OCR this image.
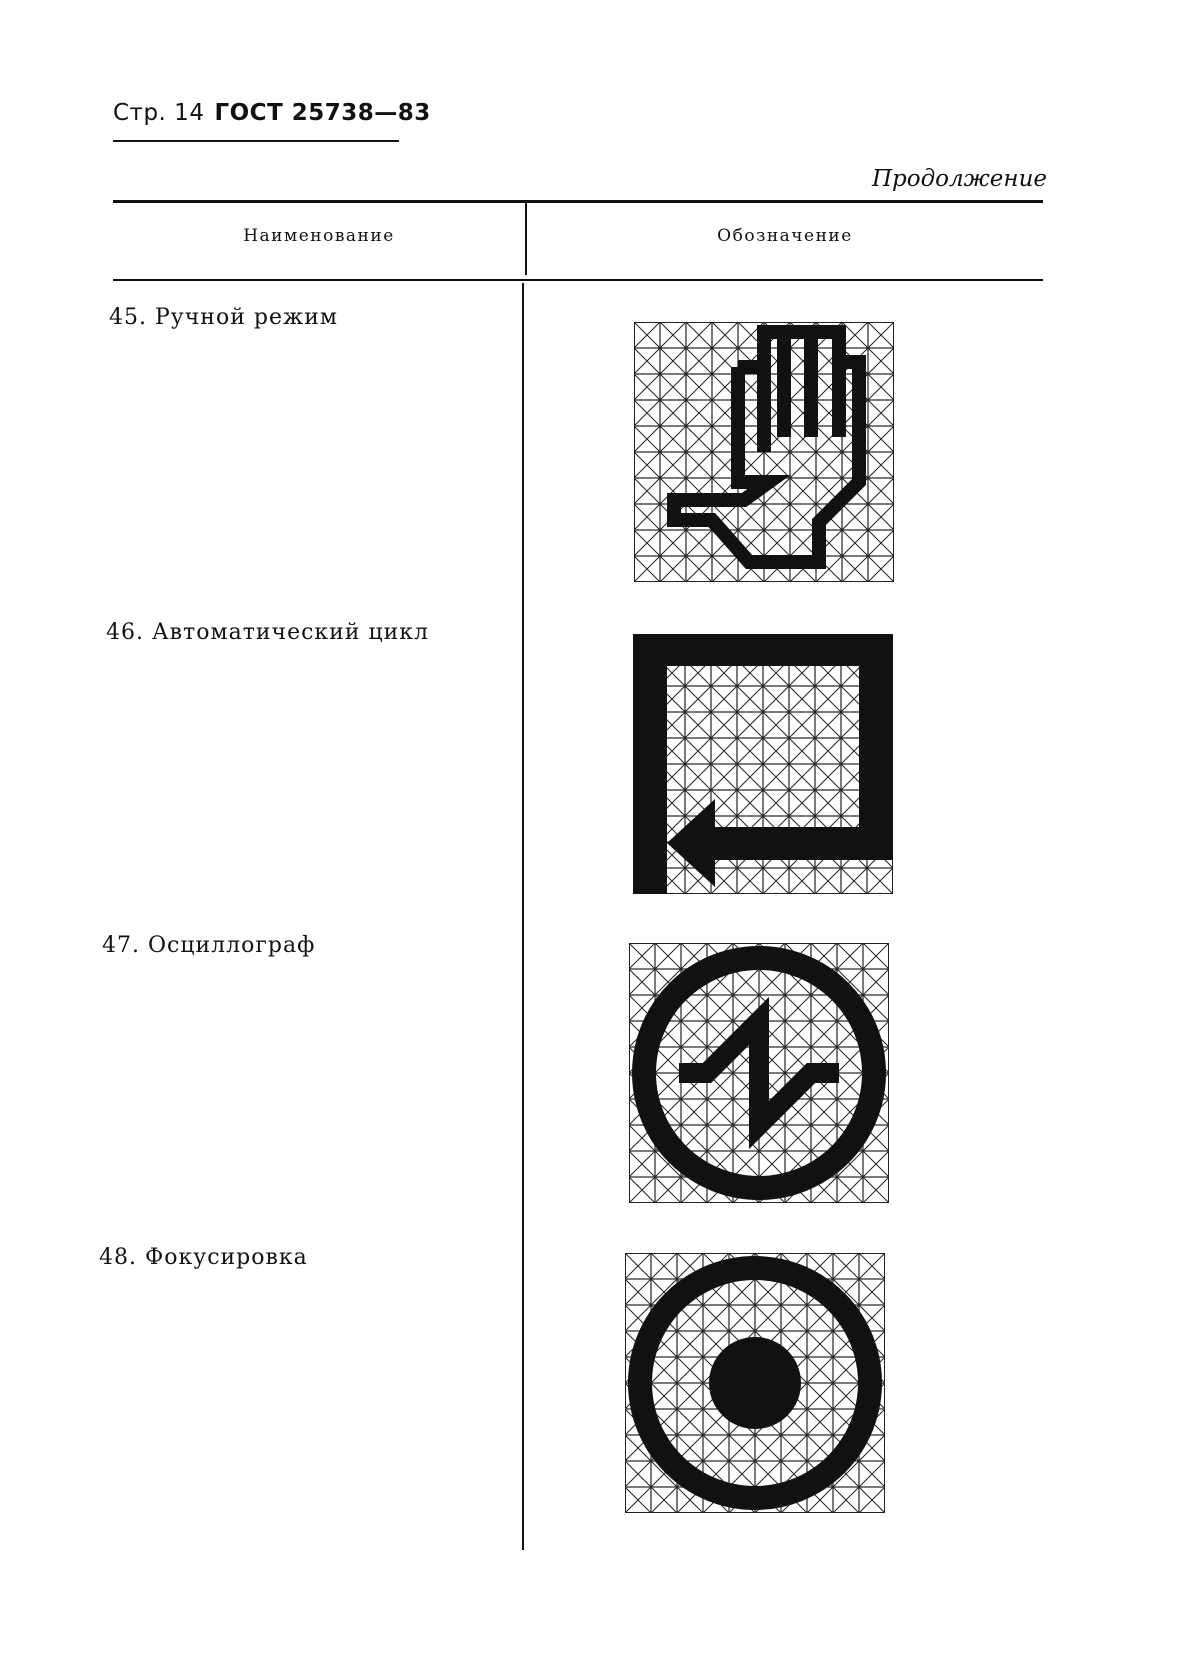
Стр. 14 ГОСТ 25738—83
Продолжение
Наименование	Обозначение
45. Ручной режим
46. Автоматический цикл
47. Осциллограф
48. Фокусировка
